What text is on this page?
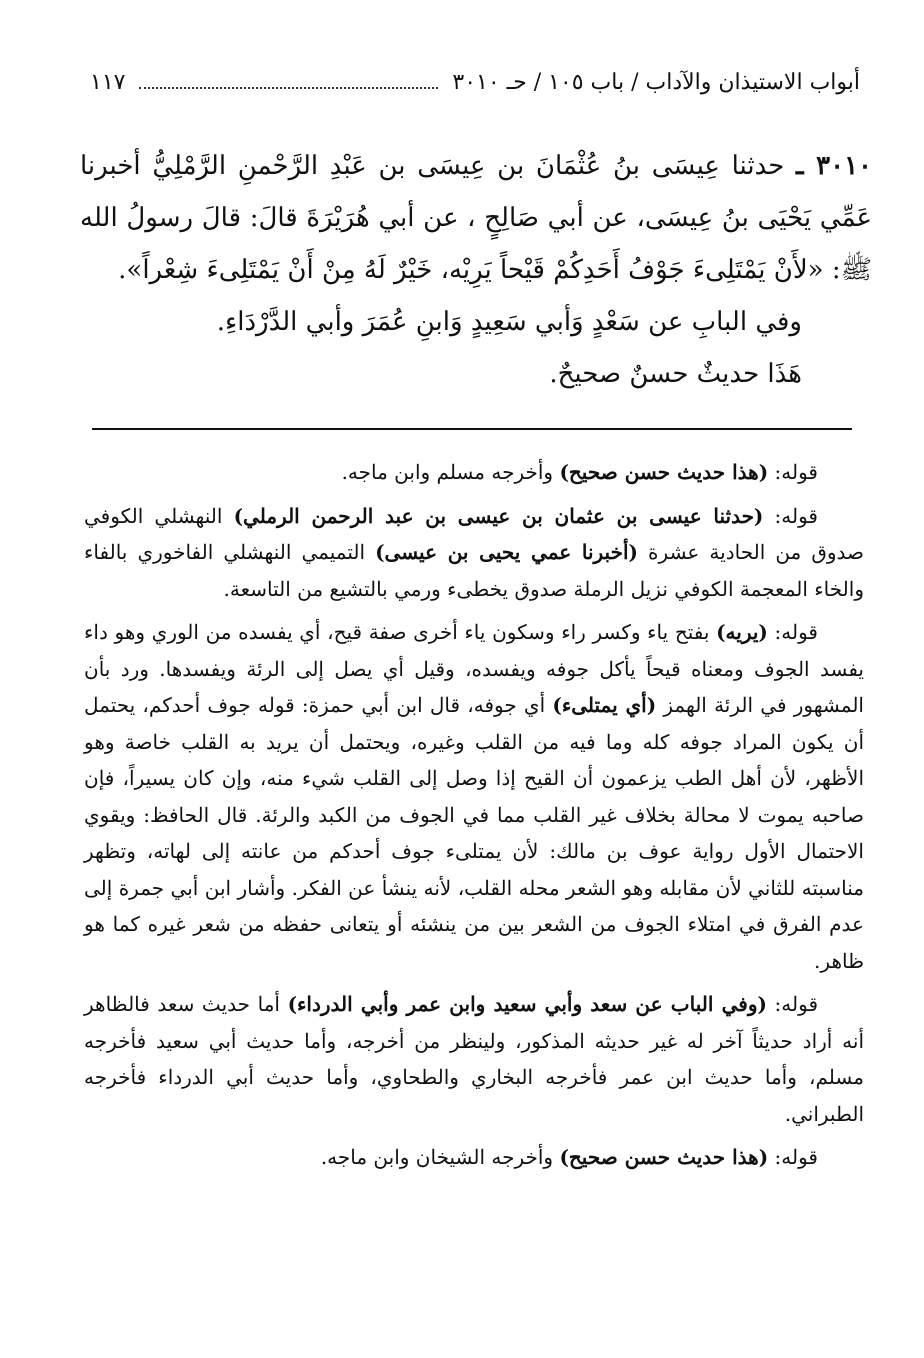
أبواب الاستيذان والآداب / باب ١٠٥ / حـ ٣٠١٠
١١٧

٣٠١٠ ـ حدثنا عِيسَى بنُ عُثْمَانَ بن عِيسَى بن عَبْدِ الرَّحْمنِ الرَّمْلِيُّ أخبرنا عَمِّي يَحْيَى بنُ عِيسَى، عن أبي صَالِحٍ ، عن أبي هُرَيْرَةَ قالَ: قالَ رسولُ الله ﷺ: «لأَنْ يَمْتَلِىءَ جَوْفُ أَحَدِكُمْ قَيْحاً يَرِيْه، خَيْرٌ لَهُ مِنْ أَنْ يَمْتَلِىءَ شِعْراً».

وفي البابِ عن سَعْدٍ وَأبي سَعِيدٍ وَابنِ عُمَرَ وأبي الدَّرْدَاءِ.

هَذَا حديثٌ حسنٌ صحيحٌ.

قوله: (هذا حديث حسن صحيح) وأخرجه مسلم وابن ماجه.

قوله: (حدثنا عيسى بن عثمان بن عيسى بن عبد الرحمن الرملي) النهشلي الكوفي صدوق من الحادية عشرة (أخبرنا عمي يحيى بن عيسى) التميمي النهشلي الفاخوري بالفاء والخاء المعجمة الكوفي نزيل الرملة صدوق يخطىء ورمي بالتشيع من التاسعة.

قوله: (يريه) بفتح ياء وكسر راء وسكون ياء أخرى صفة قيح، أي يفسده من الوري وهو داء يفسد الجوف ومعناه قيحاً يأكل جوفه ويفسده، وقيل أي يصل إلى الرئة ويفسدها. ورد بأن المشهور في الرئة الهمز (أي يمتلىء) أي جوفه، قال ابن أبي حمزة: قوله جوف أحدكم، يحتمل أن يكون المراد جوفه كله وما فيه من القلب وغيره، ويحتمل أن يريد به القلب خاصة وهو الأظهر، لأن أهل الطب يزعمون أن القيح إذا وصل إلى القلب شيء منه، وإن كان يسيراً، فإن صاحبه يموت لا محالة بخلاف غير القلب مما في الجوف من الكبد والرئة. قال الحافظ: ويقوي الاحتمال الأول رواية عوف بن مالك: لأن يمتلىء جوف أحدكم من عانته إلى لهاته، وتظهر مناسبته للثاني لأن مقابله وهو الشعر محله القلب، لأنه ينشأ عن الفكر. وأشار ابن أبي جمرة إلى عدم الفرق في امتلاء الجوف من الشعر بين من ينشئه أو يتعانى حفظه من شعر غيره كما هو ظاهر.

قوله: (وفي الباب عن سعد وأبي سعيد وابن عمر وأبي الدرداء) أما حديث سعد فالظاهر أنه أراد حديثاً آخر له غير حديثه المذكور، ولينظر من أخرجه، وأما حديث أبي سعيد فأخرجه مسلم، وأما حديث ابن عمر فأخرجه البخاري والطحاوي، وأما حديث أبي الدرداء فأخرجه الطبراني.

قوله: (هذا حديث حسن صحيح) وأخرجه الشيخان وابن ماجه.
